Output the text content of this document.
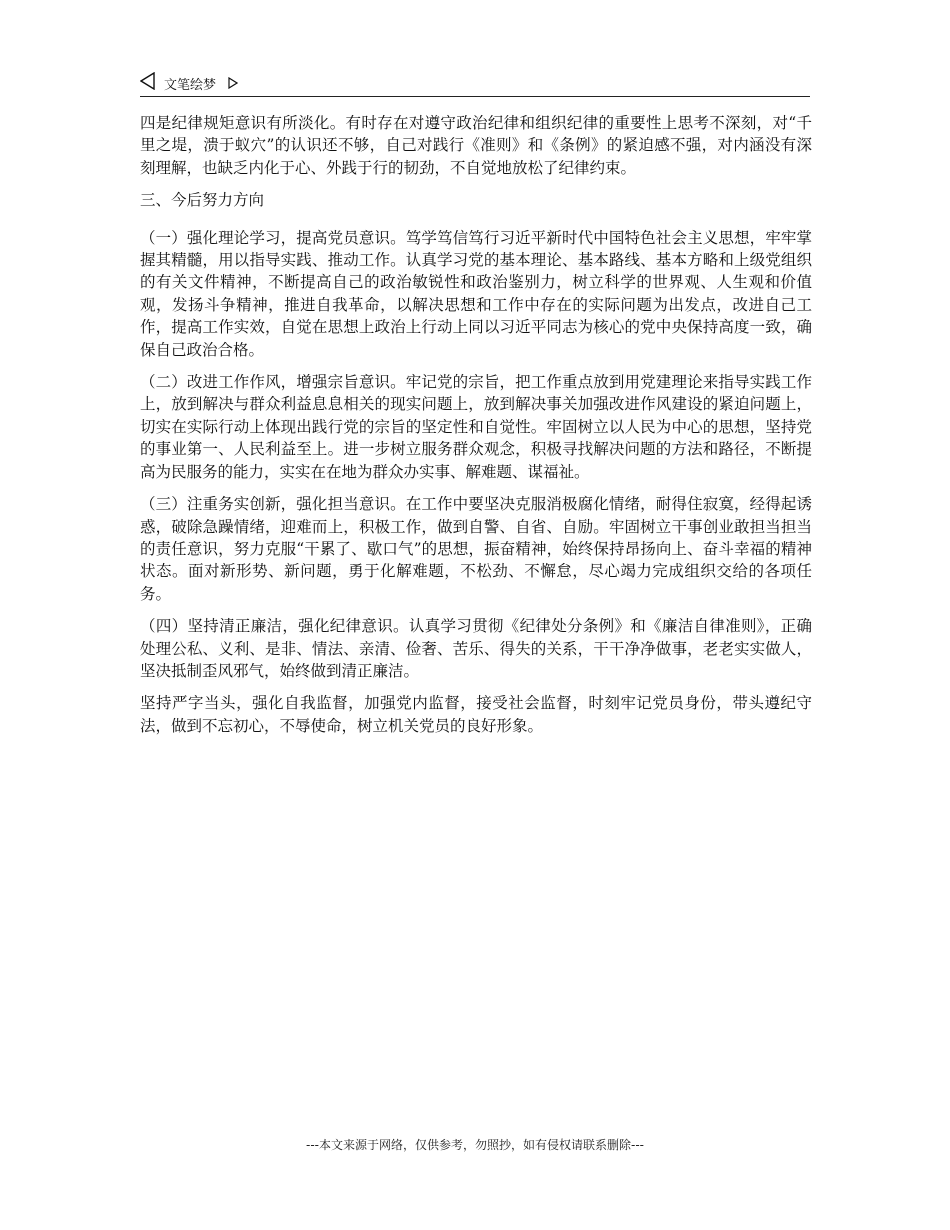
文笔绘梦

四是纪律规矩意识有所淡化。有时存在对遵守政治纪律和组织纪律的重要性上思考不深刻，对“千里之堤，溃于蚁穴”的认识还不够，自己对践行《准则》和《条例》的紧迫感不强，对内涵没有深刻理解，也缺乏内化于心、外践于行的韧劲，不自觉地放松了纪律约束。

三、今后努力方向

（一）强化理论学习，提高党员意识。笃学笃信笃行习近平新时代中国特色社会主义思想，牢牢掌握其精髓，用以指导实践、推动工作。认真学习党的基本理论、基本路线、基本方略和上级党组织的有关文件精神，不断提高自己的政治敏锐性和政治鉴别力，树立科学的世界观、人生观和价值观，发扬斗争精神，推进自我革命，以解决思想和工作中存在的实际问题为出发点，改进自己工作，提高工作实效，自觉在思想上政治上行动上同以习近平同志为核心的党中央保持高度一致，确保自己政治合格。

（二）改进工作作风，增强宗旨意识。牢记党的宗旨，把工作重点放到用党建理论来指导实践工作上，放到解决与群众利益息息相关的现实问题上，放到解决事关加强改进作风建设的紧迫问题上，切实在实际行动上体现出践行党的宗旨的坚定性和自觉性。牢固树立以人民为中心的思想，坚持党的事业第一、人民利益至上。进一步树立服务群众观念，积极寻找解决问题的方法和路径，不断提高为民服务的能力，实实在在地为群众办实事、解难题、谋福祉。

（三）注重务实创新，强化担当意识。在工作中要坚决克服消极腐化情绪，耐得住寂寞，经得起诱惑，破除急躁情绪，迎难而上，积极工作，做到自警、自省、自励。牢固树立干事创业敢担当担当的责任意识，努力克服“干累了、歇口气”的思想，振奋精神，始终保持昂扬向上、奋斗幸福的精神状态。面对新形势、新问题，勇于化解难题，不松劲、不懈怠，尽心竭力完成组织交给的各项任务。

（四）坚持清正廉洁，强化纪律意识。认真学习贯彻《纪律处分条例》和《廉洁自律准则》，正确处理公私、义利、是非、情法、亲清、俭奢、苦乐、得失的关系，干干净净做事，老老实实做人，坚决抵制歪风邪气，始终做到清正廉洁。

坚持严字当头，强化自我监督，加强党内监督，接受社会监督，时刻牢记党员身份，带头遵纪守法，做到不忘初心，不辱使命，树立机关党员的良好形象。

---本文来源于网络，仅供参考，勿照抄，如有侵权请联系删除---
